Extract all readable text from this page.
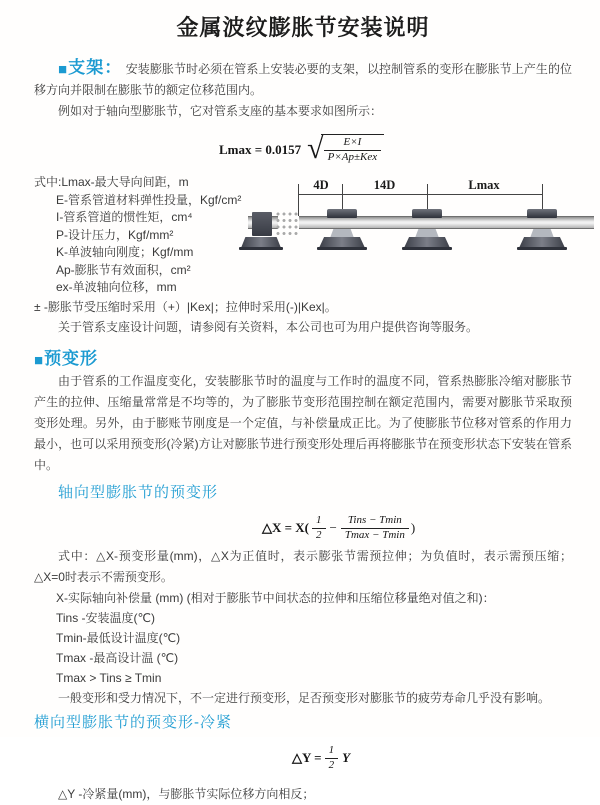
金属波纹膨胀节安装说明

■支架： 安装膨胀节时必须在管系上安装必要的支架，以控制管系的变形在膨胀节上产生的位移方向并限制在膨胀节的额定位移范围内。

例如对于轴向型膨胀节，它对管系支座的基本要求如图所示：

Lmax = 0.0157 √ $\frac{E\times I}{\text{P×Ap±Kex}}$
式中:Lmax-最大导向间距，m
E-管系管道材料弹性投量，Kgf/cm²
I-管系管道的惯性矩，cm⁴
P-设计压力，Kgf/mm²
K-单波轴向刚度；Kgf/mm
Ap-膨胀节有效面积，cm²
ex-单波轴向位移，mm
4D	14D	Lmax

± -膨胀节受压缩时采用（+）|Kex|；拉伸时采用(-)|Kex|。

关于管系支座设计问题，请参阅有关资料，本公司也可为用户提供咨询等服务。

■预变形

由于管系的工作温度变化，安装膨胀节时的温度与工作时的温度不同，管系热膨胀冷缩对膨胀节产生的拉伸、压缩量常常是不均等的，为了膨胀节变形范围控制在额定范围内，需要对膨胀节采取预变形处理。另外，由于膨账节刚度是一个定值，与补偿量成正比。为了使膨胀节位移对管系的作用力最小，也可以采用预变形(冷紧)方让对膨胀节进行预变形处理后再将膨胀节在预变形状态下安装在管系中。

轴向型膨胀节的预变形
△X = $X( \frac{1}{2} - \frac{\text{Tins − Tmin}}{Tmax - Tmin}$ )

式中：△X-预变形量(mm)，△X为正值时，表示膨张节需预拉伸；为负值时，表示需预压缩；△X=0时表示不需预变形。

X-实际轴向补偿量 (mm) (相对于膨胀节中间状态的拉伸和压缩位移量绝对值之和)：

Tins -安装温度(℃)

Tmin-最低设计温度(℃)

Tmax -最高设计温 (℃)

Tmax > Tins ≥ Tmin

一般变形和受力情况下，不一定进行预变形，足否预变形对膨胀节的疲劳寿命几乎没有影响。

横向型膨胀节的预变形-冷紧
△Y = $\frac{1}{2}$ Y

△Y -冷紧量(mm)，与膨胀节实际位移方向相反；
